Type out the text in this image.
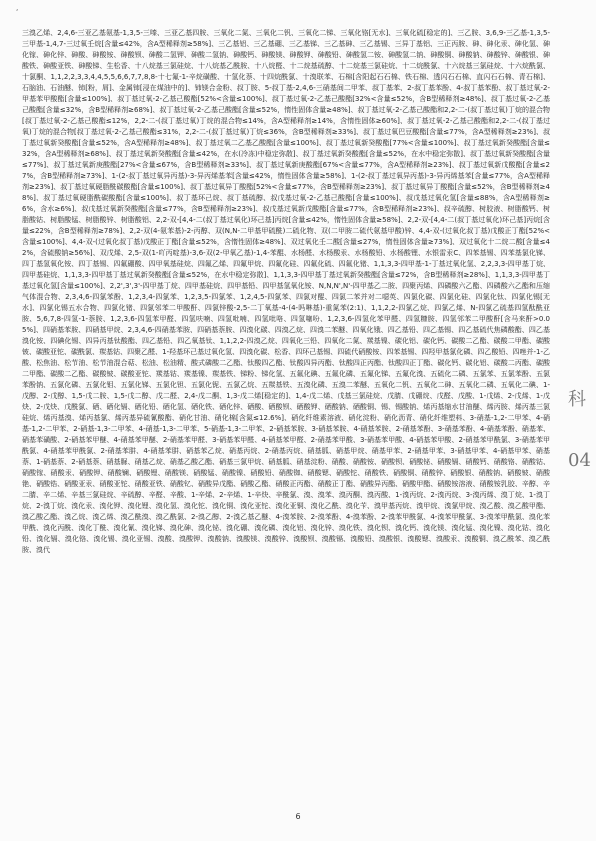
‘
三溴乙烯、2,4,6-三亚乙基氨基-1,3,5-三嗪、三亚乙基四胺、三氧化二氮、三氧化二钒、三氧化二锑、三氧化铬[无水]、三氧化硫[稳定的]、三乙胺、3,6,9-三乙基-1,3,5-三甲基-1,4,7-三过氧壬烷[含量≤42%，含A型稀释剂≥58%]、三乙基铝、三乙基硼、三乙基锑、三乙基砷、三乙基锡、三异丁基铝、三正丙胺、砷、砷化汞、砷化氢、砷化镓、砷化锌、砷酸、砷酸铵、砷酸钡、砷酸二氢钾、砷酸二氢钠、砷酸钙、砷酸镁、砷酸钾、砷酸铅、砷酸氢二铵、砷酸氢二钠、砷酸铜、砷酸钠、砷酸锌、砷酸银、砷酸铁、砷酸亚铁、砷酸锑、生松香、十八烷基三氯硅烷、十八烷基乙酰胺、十八烷醛、十二烷基硫醇、十二烷基三氯硅烷、十二烷酰氯、十六烷基三氯硅烷、十六烷酰氯、十氯酮、1,1,2,2,3,3,4,4,5,5,6,6,7,7,8,8-十七氟-1-辛烷磺酸、十氢化萘、十四烷酰氯、十溴联苯、石棉[含阳起石石棉、铁石棉、透闪石石棉、直闪石石棉、青石棉]、石脑油、石油醚、铈[粉，屑]、金属铈[浸在煤油中的]、铈镁合金粉、叔丁胺、5-叔丁基-2,4,6-三硝基间二甲苯、叔丁基苯、2-叔丁基苯酚、4-叔丁基苯酚、叔丁基过氧-2-甲基苯甲酸酯[含量≤100%]、叔丁基过氧-2-乙基己酸酯[52%<含量≤100%]、叔丁基过氧-2-乙基己酸酯[32%<含量≤52%，含B型稀释剂≥48%]、叔丁基过氧-2-乙基己酸酯[含量≤32%，含B型稀释剂≥68%]、叔丁基过氧-2-乙基己酸酯[含量≤52%，惰性固体含量≥48%]、叔丁基过氧-2-乙基己酸酯和2,2-二-(叔丁基过氧)丁烷的混合物[叔丁基过氧-2-乙基己酸酯≤12%，2,2-二-(叔丁基过氧)丁烷的混合物≤14%，含A型稀释剂≥14%，含惰性固体≥60%]、叔丁基过氧-2-乙基己酸酯和2,2-二-(叔丁基过氧)丁烷的混合物[叔丁基过氧-2-乙基己酸酯≤31%，2,2-二-(叔丁基过氧)丁烷≤36%，含B型稀释剂≥33%]、叔丁基过氧巴豆酸酯[含量≤77%，含A型稀释剂≥23%]、叔丁基过氧新癸酸酯[含量≤52%，含A型稀释剂≥48%]、叔丁基过氧二乙基乙酸酯[含量≤100%]、叔丁基过氧新癸酸酯[77%<含量≤100%]、叔丁基过氧新癸酸酯[含量≤32%，含A型稀释剂≥68%]、叔丁基过氧新癸酸酯[含量≤42%，在水(冷冻)中稳定弥散]、叔丁基过氧新癸酸酯[含量≤52%，在水中稳定弥散]、叔丁基过氧新癸酸酯[含量≤77%]、叔丁基过氧新庚酸酯[27%<含量≤67%，含B型稀释剂≥33%]、叔丁基过氧新庚酸酯[67%<含量≤77%，含A型稀释剂≥23%]、叔丁基过氧新戊酸酯[含量≤27%，含B型稀释剂≥73%]、1-(2-叔丁基过氧异丙基)-3-异丙烯基苯[含量≤42%，惰性固体含量≥58%]、1-(2-叔丁基过氧异丙基)-3-异丙烯基苯[含量≤77%，含A型稀释剂≥23%]、叔丁基过氧硬脂酰碳酸酯[含量≤100%]、叔丁基过氧异丁酸酯[52%<含量≤77%，含B型稀释剂≥23%]、叔丁基过氧异丁酸酯[含量≤52%，含B型稀释剂≥48%]、叔丁基过氧硬脂酰碳酸酯[含量≤100%]、叔丁基环己烷、叔丁基硫醇、叔戊基过氧-2-乙基己酸酯[含量≤100%]、叔戊基过氧化氢[含量≤88%，含A型稀释剂≥6%，含水≥6%]、叔戊基过氧新癸酸酯[含量≤77%，含B型稀释剂≥23%]、叔戊基过氧新戊酸酯[含量≤77%，含B型稀释剂≥23%]、叔辛硫醇、树胶液、树脂酸钙、树脂酸钴、树脂酸锰、树脂酸锌、树脂酸铝、2,2-双-[4,4-二(叔丁基过氧化)环己基]丙烷[含量≤42%，惰性固体含量≥58%]、2,2-双-[4,4-二(叔丁基过氧化)环己基]丙烷[含量≤22%，含B型稀释剂≥78%]、2,2-双(4-氨苯基)-2-丙醇、双(N,N-二甲基甲硫酰)二硫化物、双(二甲胺二硫代氨基甲酸)锌、4,4-双-(过氧化叔丁基)戊酸正丁酯[52%<含量≤100%]、4,4-双-(过氧化叔丁基)戊酸正丁酯[含量≤52%，含惰性固体≥48%]、双过氧化壬二酸[含量≤27%，惰性固体含量≥73%]、双过氧化十二烷二酸[含量≤42%，含硫酸钠≥56%]、双戊烯、2,5-双(1-吖丙啶基)-3,6-双(2-甲氧乙基)-1,4-苯醌、水杨醛、水杨酸汞、水杨酸铅、水杨酸锂、水银雷汞C、四苯基锡、四苯基氯化锑、四丁基氢氧化铵、四丁基锡、四氟硼酸、四甲氧基硅烷、四氟乙烯、四氟甲烷、四氟化硅、四氟化硫、四氟化锗、1,1,3,3-四甲基-1-丁基过氧化氢、2,2,3,3-四甲基丁烷、四甲基硅烷、1,1,3,3-四甲基丁基过氧新癸酸酯[含量≤52%，在水中稳定弥散]、1,1,3,3-四甲基丁基过氧新癸酸酯[含量≤72%，含B型稀释剂≥28%]、1,1,3,3-四甲基丁基过氧化氢[含量≤100%]、2,2',3',3'-四甲基丁烷、四甲基硅烷、四甲基铅、四甲基氢氧化铵、N,N,N',N'-四甲基乙二胺、四聚丙烯、四磷酸六乙酯、四磷酸六乙酯和压缩气体混合物、2,3,4,6-四氯苯酚、1,2,3,4-四氯苯、1,2,3,5-四氯苯、1,2,4,5-四氯苯、四氯对醌、四氯二苯并对二噁英、四氯化碳、四氯化硅、四氯化钛、四氯化锡[无水]、四氯化锡五水合物、四氯化锗、四氯邻苯二甲酸酐、四氯锌酸-2,5-二丁氧基-4-(4-吗啉基)-重氮苯(2:1)、1,1,2,2-四氯乙烷、四氯乙烯、N-四氯乙硫基四氢酞酰亚胺、5,6,7,8-四氢-1-萘胺、1,2,3,6-四氢苯甲醛、四氢呋喃、四氢吡喃、四氢吡咯、四氢噻吩、1,2,3,6-四氢化苯甲醛、四氢糠胺、四氢邻苯二甲酸酐[含马来酐>0.05%]、四硝基苯胺、四硝基甲烷、2,3,4,6-四硝基苯胺、四硝基萘胺、四溴化碳、四溴乙烷、四溴二苯醚、四氧化锇、四乙基铅、四乙基锡、四乙基硫代焦磷酸酯、四乙基溴化铵、四碘化锡、四异丙基钛酸酯、四乙基铅、四乙氧基钛、1,1,2,2-四溴乙烷、四氧化三铅、四氧化二氮、羰基镍、碳化铝、碳化钙、碳酸二乙酯、碳酸二甲酯、碳酸铍、碳酸亚铊、碳酰氯、羰基钴、四聚乙醛、1-羟基环己基过氧化氢、四溴化碳、松香、四环己基锡、四硫代硝酸铵、四苯基锡、四羟甲基氯化磷、四乙酸铅、四唑并-1-乙酸、松焦油、松节油、松节油混合萜、松油、松油精、酸式磷酸二乙酯、钛酸四乙酯、钛酸四异丙酯、钛酸四正丙酯、钛酸四正丁酯、碳化钙、碳化铝、碳酸二丙酯、碳酸二甲酯、碳酸二乙酯、碳酸铍、碳酸亚铊、羰基钴、羰基镍、羰基铁、锑粉、锑化氢、五氟化碘、五氟化磷、五氟化锑、五氟化溴、五硫化二磷、五氯苯、五氯苯酚、五氯苯酚钠、五氯化磷、五氯化钼、五氯化锑、五氯化钽、五氯化铌、五氯乙烷、五羰基铁、五溴化磷、五溴二苯醚、五氧化二钒、五氧化二砷、五氧化二磷、五氧化二碘、1-戊醇、2-戊醇、1,5-戊二胺、1,5-戊二醇、戊二醛、2,4-戊二酮、1,3-戊二烯[稳定的]、1,4-戊二烯、戊基三氯硅烷、戊腈、戊硼烷、戊醛、戊酸、1-戊烯、2-戊烯、1-戊炔、2-戊炔、戊酰氯、硒、硒化镉、硒化铅、硒化氢、硒化铁、硒化锌、硒酸、硒酸钡、硒酸钾、硒酸钠、硒酸铜、锡、锡酸钠、烯丙基缩水甘油醚、烯丙胺、烯丙基三氯硅烷、烯丙基溴、烯丙基氯、烯丙基异硫氰酸酯、硝化甘油、硝化棉[含氮≤12.6%]、硝化纤维素溶液、硝化淀粉、硝化沥青、硝化纤维塑料、3-硝基-1,2-二甲苯、4-硝基-1,2-二甲苯、2-硝基-1,3-二甲苯、4-硝基-1,3-二甲苯、5-硝基-1,3-二甲苯、2-硝基苯胺、3-硝基苯胺、4-硝基苯胺、2-硝基苯酚、3-硝基苯酚、4-硝基苯酚、硝基苯、硝基苯磺酸、2-硝基苯甲醚、4-硝基苯甲醚、2-硝基苯甲醛、3-硝基苯甲醛、4-硝基苯甲醛、2-硝基苯甲酸、3-硝基苯甲酸、4-硝基苯甲酸、2-硝基苯甲酰氯、3-硝基苯甲酰氯、4-硝基苯甲酰氯、2-硝基苯肼、4-硝基苯肼、硝基苯乙烷、硝基丙烷、2-硝基丙烷、硝基胍、硝基甲烷、硝基甲苯、2-硝基甲苯、3-硝基甲苯、4-硝基甲苯、硝基萘、1-硝基萘、2-硝基萘、硝基脲、硝基乙烷、硝基乙酸乙酯、硝基三氯甲烷、硝基胍、硝基淀粉、硝酸、硝酸铵、硝酸钡、硝酸铋、硝酸镉、硝酸钙、硝酸铬、硝酸钴、硝酸镓、硝酸汞、硝酸钾、硝酸镧、硝酸锂、硝酸镁、硝酸锰、硝酸镍、硝酸铅、硝酸铷、硝酸锶、硝酸铊、硝酸铁、硝酸铜、硝酸锌、硝酸银、硝酸钠、硝酸铍、硝酸铯、硝酸锆、硝酸亚汞、硝酸亚铊、硝酸亚铁、硝酸钇、硝酸异戊酯、硝酸乙酯、硝酸正丙酯、硝酸正丁酯、硝酸异丙酯、硝酸甲酯、硝酸铵溶液、硝酸铵乳胶、辛醇、辛二腈、辛二烯、辛基三氯硅烷、辛硫醇、辛醛、辛酸、1-辛烯、2-辛烯、1-辛炔、辛酰氯、溴、溴苯、溴丙酮、溴丙酸、1-溴丙烷、2-溴丙烷、3-溴丙烯、溴丁烷、1-溴丁烷、2-溴丁烷、溴化汞、溴化钾、溴化锂、溴化氢、溴化铊、溴化铜、溴化亚铊、溴化亚铜、溴化乙酰、溴化苄、溴甲基丙烷、溴甲烷、溴氯甲烷、溴乙酸、溴乙酸甲酯、溴乙酸乙酯、溴乙烷、溴乙烯、溴乙酰溴、溴乙酰氯、2-溴乙醇、2-溴乙基乙醚、4-溴苯胺、2-溴苯酚、4-溴苯酚、2-溴苯甲酰氯、4-溴苯甲酰氯、3-溴苯甲酰氯、溴化苯甲酰、溴化丙酰、溴化丁酰、溴化氰、溴化锑、溴化砷、溴化铋、溴化硼、溴化磷、溴化铝、溴化锌、溴化铁、溴化钡、溴化钙、溴化镁、溴化锰、溴化镍、溴化钴、溴化铅、溴化镉、溴化铬、溴化锡、溴化亚锡、溴酸、溴酸钾、溴酸钠、溴酸镁、溴酸锌、溴酸钡、溴酸镉、溴酸铅、溴酸银、溴酸锶、溴酸汞、溴酸铜、溴乙酰苯、溴乙酰胺、溴代
科
04
6
